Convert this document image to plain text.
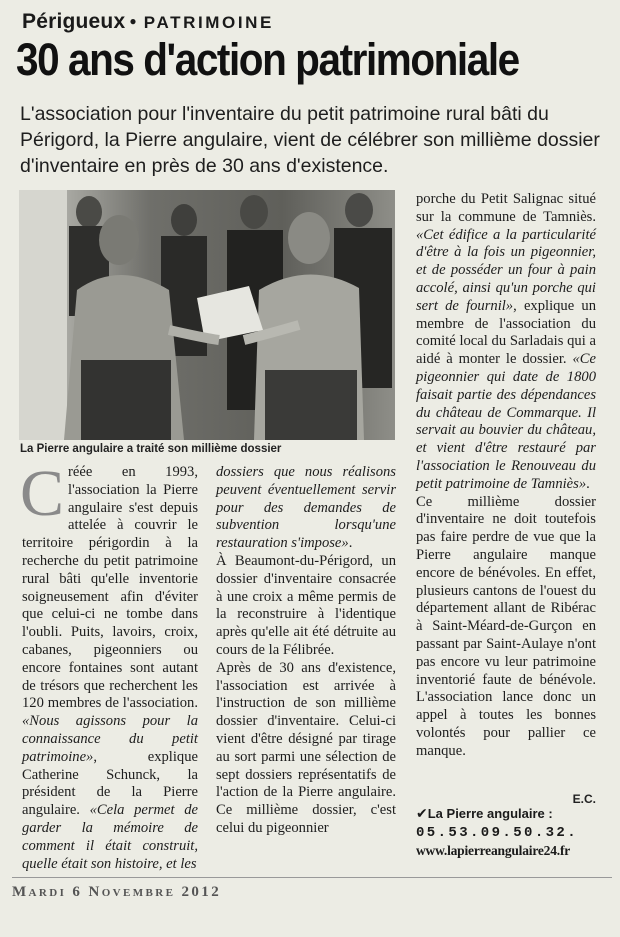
Périgueux ● PATRIMOINE
30 ans d'action patrimoniale
L'association pour l'inventaire du petit patrimoine rural bâti du Périgord, la Pierre angulaire, vient de célébrer son millième dossier d'inventaire en près de 30 ans d'existence.
La Pierre angulaire a traité son millième dossier

Créée en 1993, l'association la Pierre angulaire s'est depuis attelée à couvrir le territoire périgordin à la recherche du petit patrimoine rural bâti qu'elle inventorie soigneusement afin d'éviter que celui-ci ne tombe dans l'oubli. Puits, lavoirs, croix, cabanes, pigeonniers ou encore fontaines sont autant de trésors que recherchent les 120 membres de l'association. «Nous agissons pour la connaissance du petit patrimoine», explique Catherine Schunck, la président de la Pierre angulaire. «Cela permet de garder la mémoire de comment il était construit, quelle était son histoire, et les

dossiers que nous réalisons peuvent éventuellement servir pour des demandes de subvention lorsqu'une restauration s'impose».

À Beaumont-du-Périgord, un dossier d'inventaire consacrée à une croix a même permis de la reconstruire à l'identique après qu'elle ait été détruite au cours de la Félibrée.

Après de 30 ans d'existence, l'association est arrivée à l'instruction de son millième dossier d'inventaire. Celui-ci vient d'être désigné par tirage au sort parmi une sélection de sept dossiers représentatifs de l'action de la Pierre angulaire. Ce millième dossier, c'est celui du pigeonnier

porche du Petit Salignac situé sur la commune de Tamniès. «Cet édifice a la particularité d'être à la fois un pigeonnier, et de posséder un four à pain accolé, ainsi qu'un porche qui sert de fournil», explique un membre de l'association du comité local du Sarladais qui a aidé à monter le dossier. «Ce pigeonnier qui date de 1800 faisait partie des dépendances du château de Commarque. Il servait au bouvier du château, et vient d'être restauré par l'association le Renouveau du petit patrimoine de Tamniès».

Ce millième dossier d'inventaire ne doit toutefois pas faire perdre de vue que la Pierre angulaire manque encore de bénévoles. En effet, plusieurs cantons de l'ouest du département allant de Ribérac à Saint-Méard-de-Gurçon en passant par Saint-Aulaye n'ont pas encore vu leur patrimoine inventorié faute de bénévole. L'association lance donc un appel à toutes les bonnes volontés pour pallier ce manque.

E.C.
✔La Pierre angulaire :
05.53.09.50.32.
www.lapierreangulaire24.fr
Mardi 6 Novembre 2012
